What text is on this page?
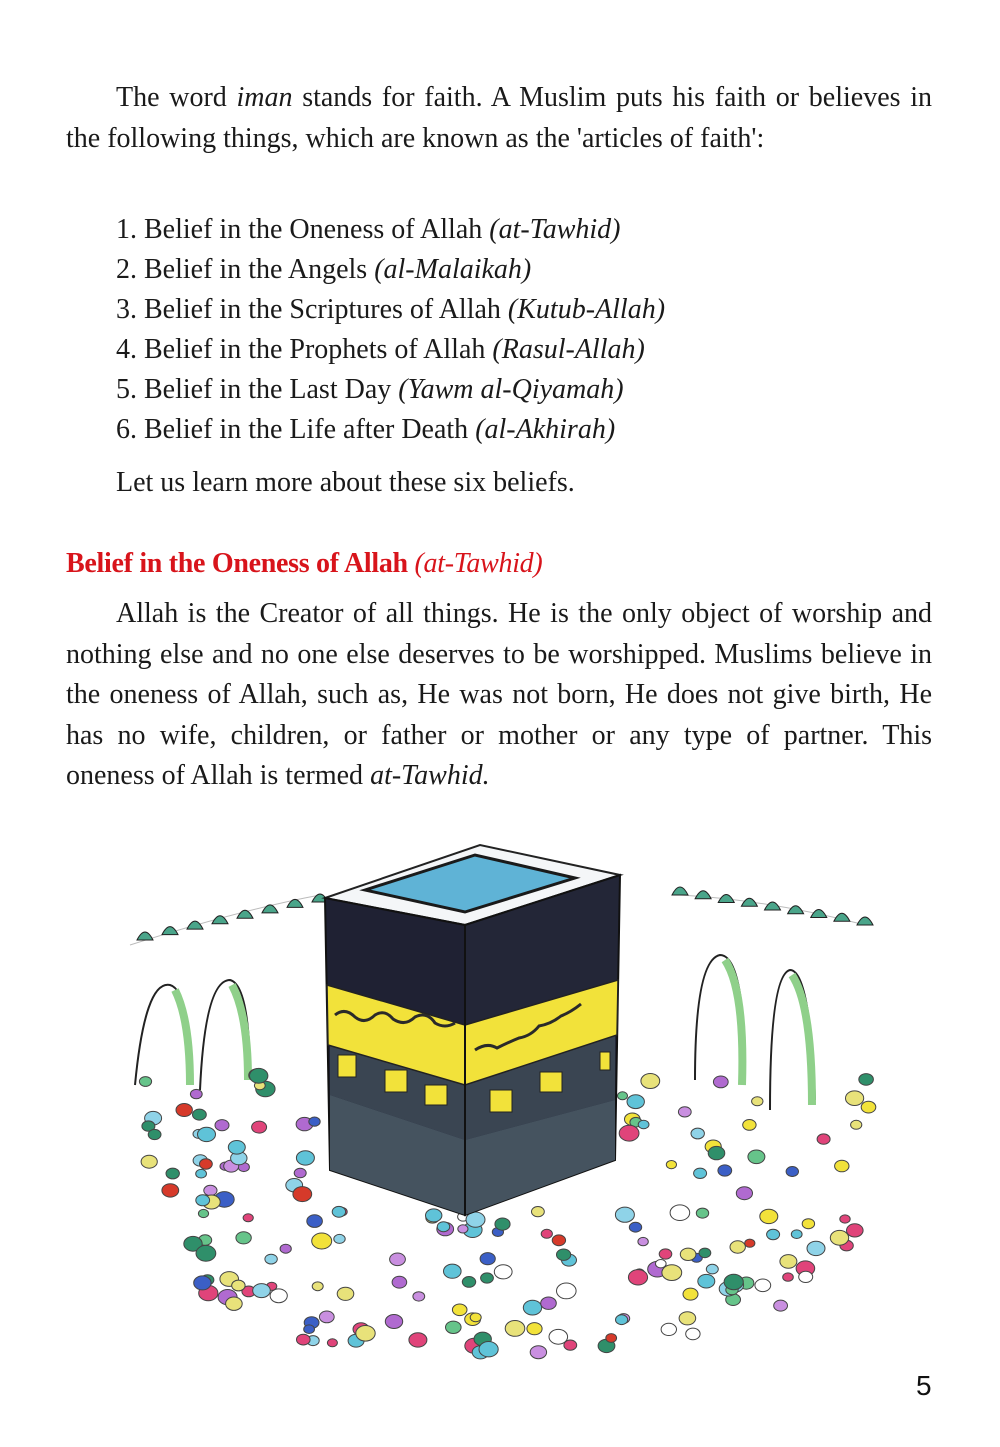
The word iman stands for faith. A Muslim puts his faith or believes in the following things, which are known as the 'articles of faith':

1. Belief in the Oneness of Allah (at-Tawhid)
2. Belief in the Angels (al-Malaikah)
3. Belief in the Scriptures of Allah (Kutub-Allah)
4. Belief in the Prophets of Allah (Rasul-Allah)
5. Belief in the Last Day (Yawm al-Qiyamah)
6. Belief in the Life after Death (al-Akhirah)

Let us learn more about these six beliefs.

Belief in the Oneness of Allah (at-Tawhid)

Allah is the Creator of all things. He is the only object of worship and nothing else and no one else deserves to be worshipped. Muslims believe in the oneness of Allah, such as, He was not born, He does not give birth, He has no wife, children, or father or mother or any type of partner. This oneness of Allah is termed at-Tawhid.

5
